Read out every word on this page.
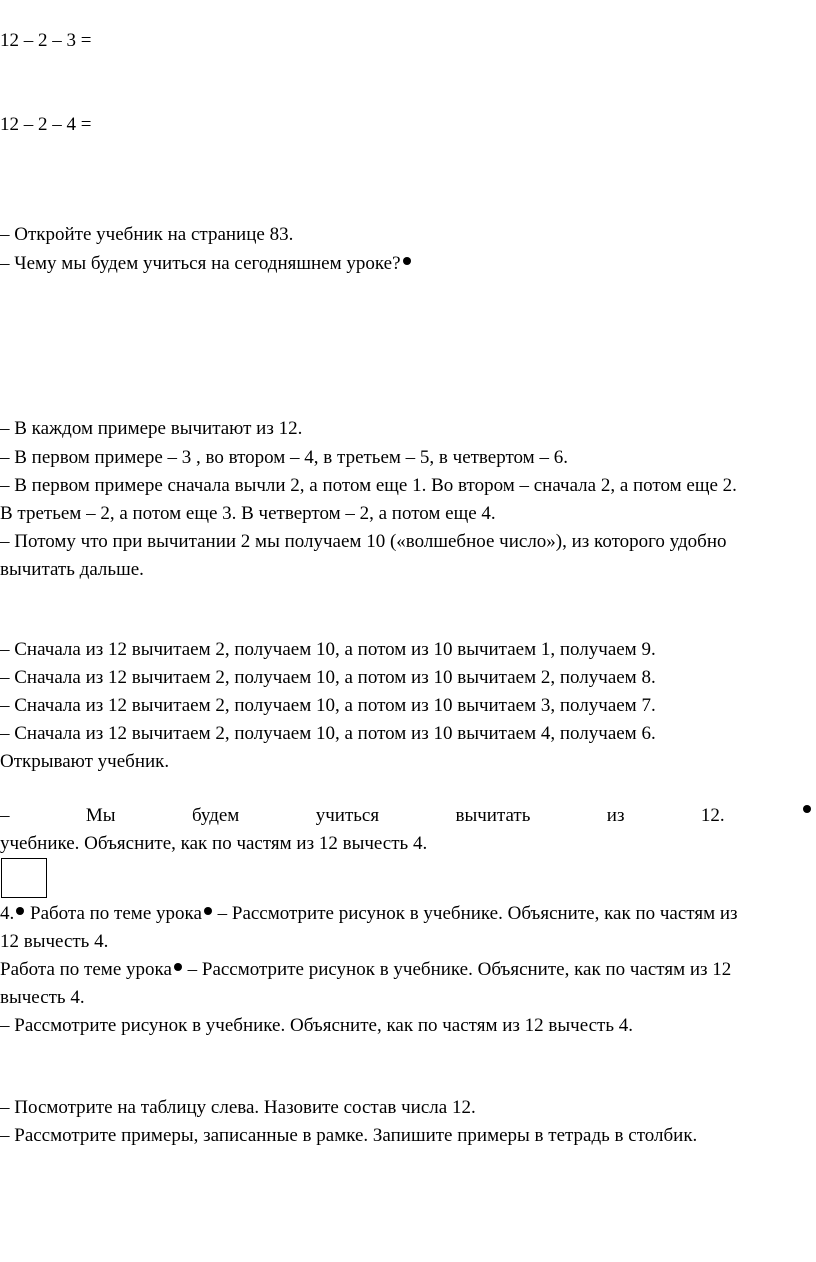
12 – 2 – 3 =
12 – 2 – 4 =
– Откройте учебник на странице 83.
– Чему мы будем учиться на сегодняшнем уроке?
– В каждом примере вычитают из 12.
– В первом примере – 3 , во втором – 4, в третьем – 5, в четвертом – 6.
– В первом примере сначала вычли 2, а потом еще 1. Во втором – сначала 2, а потом еще 2.
В третьем – 2, а потом еще 3. В четвертом – 2, а потом еще 4.
– Потому что при вычитании 2 мы получаем 10 («волшебное число»), из которого удобно
вычитать дальше.
– Сначала из 12 вычитаем 2, получаем 10, а потом из 10 вычитаем 1, получаем 9.
– Сначала из 12 вычитаем 2, получаем 10, а потом из 10 вычитаем 2, получаем 8.
– Сначала из 12 вычитаем 2, получаем 10, а потом из 10 вычитаем 3, получаем 7.
– Сначала из 12 вычитаем 2, получаем 10, а потом из 10 вычитаем 4, получаем 6.
Открывают учебник.
–	Мы	будем	учиться	вычитать	из	12.
учебнике. Объясните, как по частям из 12 вычесть 4.
4. Работа по теме урока – Рассмотрите рисунок в учебнике. Объясните, как по частям из
12 вычесть 4.
Работа по теме урока – Рассмотрите рисунок в учебнике. Объясните, как по частям из 12
вычесть 4.
– Рассмотрите рисунок в учебнике. Объясните, как по частям из 12 вычесть 4.
– Посмотрите на таблицу слева. Назовите состав числа 12.
– Рассмотрите примеры, записанные в рамке. Запишите примеры в тетрадь в столбик.
